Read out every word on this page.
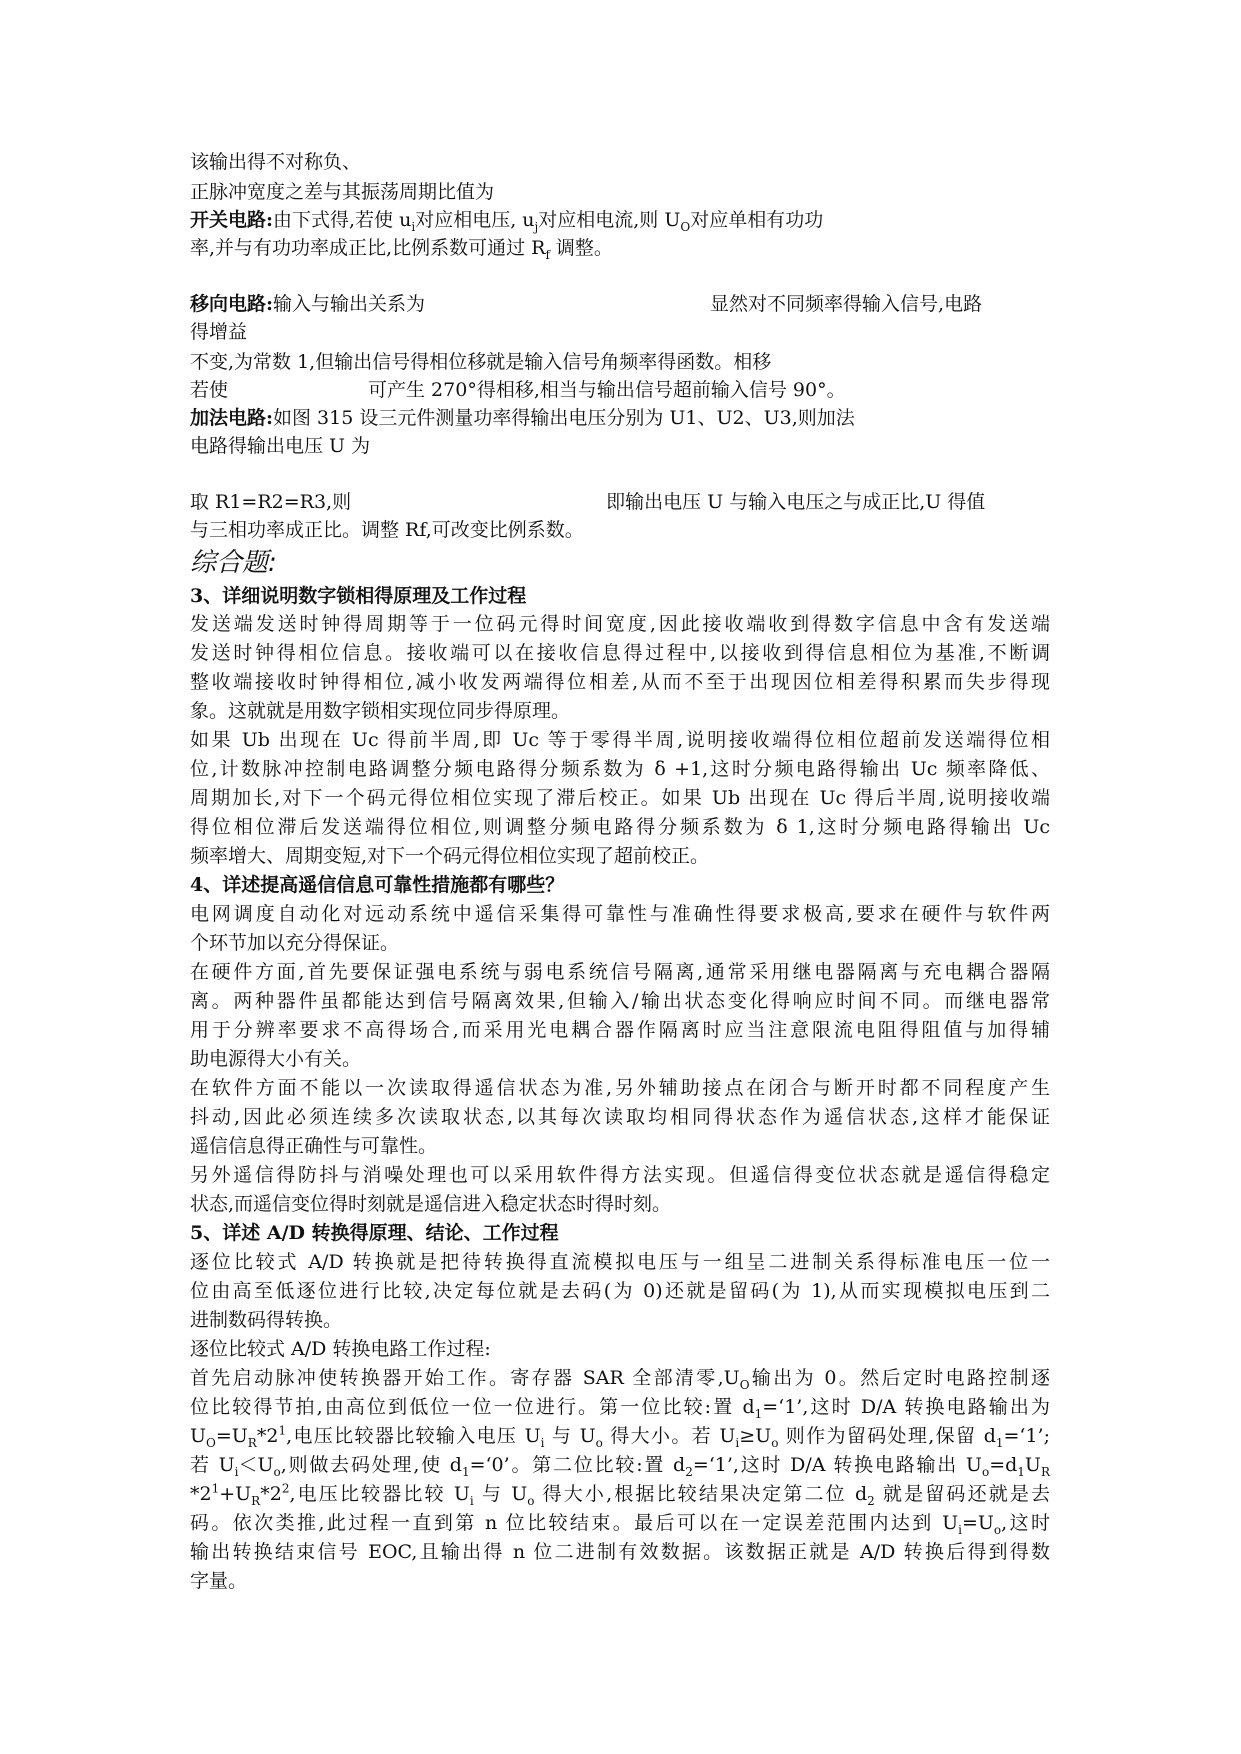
该输出得不对称负、
正脉冲宽度之差与其振荡周期比值为
开关电路:由下式得,若使 $u_i$对应相电压, $u_j$对应相电流,则 $U_O$对应单相有功功
率,并与有功功率成正比,比例系数可通过 $R_f$ 调整。
移向电路:输入与输出关系为	显然对不同频率得输入信号,电路
得增益
不变,为常数 1,但输出信号得相位移就是输入信号角频率得函数。相移
若使	可产生 270°得相移,相当与输出信号超前输入信号 90°。
加法电路:如图 315 设三元件测量功率得输出电压分别为 U1、U2、U3,则加法
电路得输出电压 U 为
取 R1=R2=R3,则	即输出电压 U 与输入电压之与成正比,U 得值
与三相功率成正比。调整 Rf,可改变比例系数。
综合题:
3、详细说明数字锁相得原理及工作过程
发送端发送时钟得周期等于一位码元得时间宽度,因此接收端收到得数字信息中含有发送端
发送时钟得相位信息。接收端可以在接收信息得过程中,以接收到得信息相位为基准,不断调
整收端接收时钟得相位,减小收发两端得位相差,从而不至于出现因位相差得积累而失步得现
象。这就就是用数字锁相实现位同步得原理。
如果 Ub 出现在 Uc 得前半周,即 Uc 等于零得半周,说明接收端得位相位超前发送端得位相
位,计数脉冲控制电路调整分频电路得分频系数为 δ +1,这时分频电路得输出 Uc 频率降低、
周期加长,对下一个码元得位相位实现了滞后校正。如果 Ub 出现在 Uc 得后半周,说明接收端
得位相位滞后发送端得位相位,则调整分频电路得分频系数为 δ 1,这时分频电路得输出 Uc
频率增大、周期变短,对下一个码元得位相位实现了超前校正。
4、详述提高遥信信息可靠性措施都有哪些？
电网调度自动化对远动系统中遥信采集得可靠性与准确性得要求极高,要求在硬件与软件两
个环节加以充分得保证。
在硬件方面,首先要保证强电系统与弱电系统信号隔离,通常采用继电器隔离与充电耦合器隔
离。两种器件虽都能达到信号隔离效果,但输入/输出状态变化得响应时间不同。而继电器常
用于分辨率要求不高得场合,而采用光电耦合器作隔离时应当注意限流电阻得阻值与加得辅
助电源得大小有关。
在软件方面不能以一次读取得遥信状态为准,另外辅助接点在闭合与断开时都不同程度产生
抖动,因此必须连续多次读取状态,以其每次读取均相同得状态作为遥信状态,这样才能保证
遥信信息得正确性与可靠性。
另外遥信得防抖与消噪处理也可以采用软件得方法实现。但遥信得变位状态就是遥信得稳定
状态,而遥信变位得时刻就是遥信进入稳定状态时得时刻。
5、详述 A/D 转换得原理、结论、工作过程
逐位比较式 A/D 转换就是把待转换得直流模拟电压与一组呈二进制关系得标准电压一位一
位由高至低逐位进行比较,决定每位就是去码(为 0)还就是留码(为 1),从而实现模拟电压到二
进制数码得转换。
逐位比较式 A/D 转换电路工作过程:
首先启动脉冲使转换器开始工作。寄存器 SAR 全部清零$,U_O$输出为 0。然后定时电路控制逐
位比较得节拍,由高位到低位一位一位进行。第一位比较:置 $d_1=‘1$’,这时 D/A 转换电路输出为
$U_O=U_R*2^1$,电压比较器比较输入电压 $U_i$ 与 $U_o$ 得大小。若 $U_i\ge U_o$ 则作为留码处理,保留 $d_1=‘1$’;
若 $U_i<U_o$,则做去码处理,使 $d_1=‘0$’。第二位比较:置 $d_2=‘1$’,这时 D/A 转换电路输出 $U_o=d_1U_R$
$*2^1+U_R*2^2$,电压比较器比较 $U_i$ 与 $U_o$ 得大小,根据比较结果决定第二位 $d_2$ 就是留码还就是去
码。依次类推,此过程一直到第 n 位比较结束。最后可以在一定误差范围内达到 $U_i=U_o$,这时
输出转换结束信号 EOC,且输出得 n 位二进制有效数据。该数据正就是 A/D 转换后得到得数
字量。
